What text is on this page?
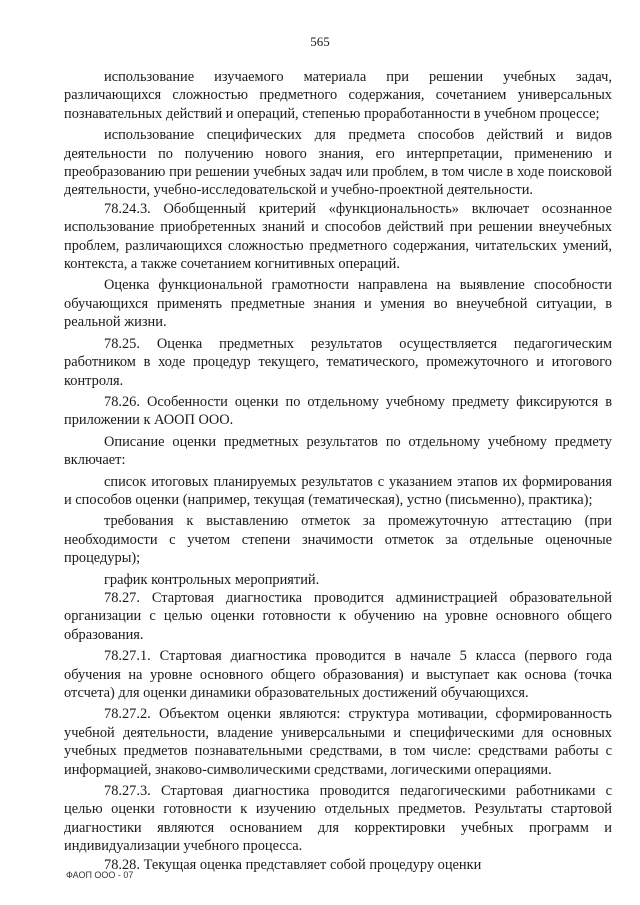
565

использование изучаемого материала при решении учебных задач, различающихся сложностью предметного содержания, сочетанием универсальных познавательных действий и операций, степенью проработанности в учебном процессе;

использование специфических для предмета способов действий и видов деятельности по получению нового знания, его интерпретации, применению и преобразованию при решении учебных задач или проблем, в том числе в ходе поисковой деятельности, учебно-исследовательской и учебно-проектной деятельности.

78.24.3. Обобщенный критерий «функциональность» включает осознанное использование приобретенных знаний и способов действий при решении внеучебных проблем, различающихся сложностью предметного содержания, читательских умений, контекста, а также сочетанием когнитивных операций.

Оценка функциональной грамотности направлена на выявление способности обучающихся применять предметные знания и умения во внеучебной ситуации, в реальной жизни.

78.25. Оценка предметных результатов осуществляется педагогическим работником в ходе процедур текущего, тематического, промежуточного и итогового контроля.

78.26. Особенности оценки по отдельному учебному предмету фиксируются в приложении к АООП ООО.

Описание оценки предметных результатов по отдельному учебному предмету включает:

список итоговых планируемых результатов с указанием этапов их формирования и способов оценки (например, текущая (тематическая), устно (письменно), практика);

требования к выставлению отметок за промежуточную аттестацию (при необходимости с учетом степени значимости отметок за отдельные оценочные процедуры);

график контрольных мероприятий.

78.27. Стартовая диагностика проводится администрацией образовательной организации с целью оценки готовности к обучению на уровне основного общего образования.

78.27.1. Стартовая диагностика проводится в начале 5 класса (первого года обучения на уровне основного общего образования) и выступает как основа (точка отсчета) для оценки динамики образовательных достижений обучающихся.

78.27.2. Объектом оценки являются: структура мотивации, сформированность учебной деятельности, владение универсальными и специфическими для основных учебных предметов познавательными средствами, в том числе: средствами работы с информацией, знаково-символическими средствами, логическими операциями.

78.27.3. Стартовая диагностика проводится педагогическими работниками с целью оценки готовности к изучению отдельных предметов. Результаты стартовой диагностики являются основанием для корректировки учебных программ и индивидуализации учебного процесса.

78.28. Текущая оценка представляет собой процедуру оценки

ФАОП ООО - 07
